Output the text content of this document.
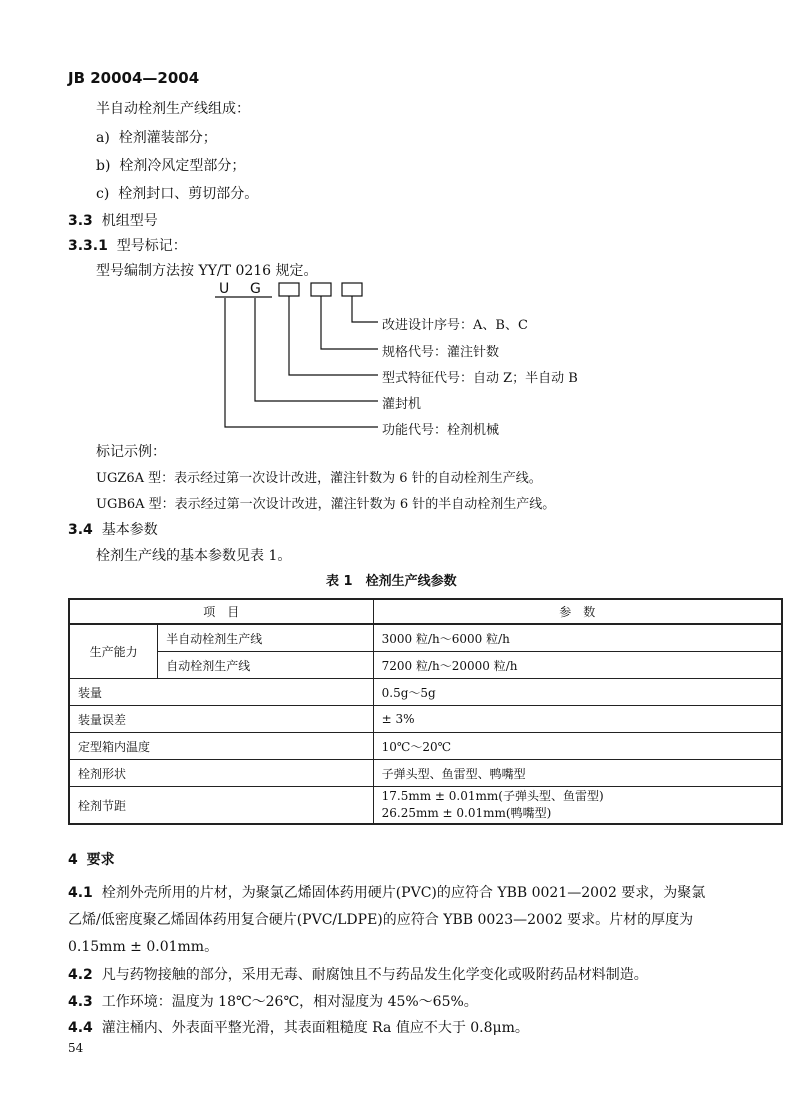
JB 20004—2004
半自动栓剂生产线组成：
a) 栓剂灌装部分；
b) 栓剂冷风定型部分；
c) 栓剂封口、剪切部分。
3.3 机组型号
3.3.1 型号标记：
型号编制方法按 YY/T 0216 规定。
U G
改进设计序号：A、B、C
规格代号：灌注针数
型式特征代号：自动 Z；半自动 B
灌封机
功能代号：栓剂机械
标记示例：
UGZ6A 型：表示经过第一次设计改进，灌注针数为 6 针的自动栓剂生产线。
UGB6A 型：表示经过第一次设计改进，灌注针数为 6 针的半自动栓剂生产线。
3.4 基本参数
栓剂生产线的基本参数见表 1。
表 1　栓剂生产线参数
项　目		参　数
生产能力	半自动栓剂生产线	3000 粒/h～6000 粒/h
	自动栓剂生产线	7200 粒/h～20000 粒/h
装量		0.5g～5g
装量误差		± 3%
定型箱内温度		10℃～20℃
栓剂形状		子弹头型、鱼雷型、鸭嘴型
栓剂节距		17.5mm ± 0.01mm(子弹头型、鱼雷型)
26.25mm ± 0.01mm(鸭嘴型)
4 要求
4.1 栓剂外壳所用的片材，为聚氯乙烯固体药用硬片(PVC)的应符合 YBB 0021—2002 要求，为聚氯
乙烯/低密度聚乙烯固体药用复合硬片(PVC/LDPE)的应符合 YBB 0023—2002 要求。片材的厚度为
0.15mm ± 0.01mm。
4.2 凡与药物接触的部分，采用无毒、耐腐蚀且不与药品发生化学变化或吸附药品材料制造。
4.3 工作环境：温度为 18℃～26℃，相对湿度为 45%～65%。
4.4 灌注桶内、外表面平整光滑，其表面粗糙度 Ra 值应不大于 0.8μm。
54
